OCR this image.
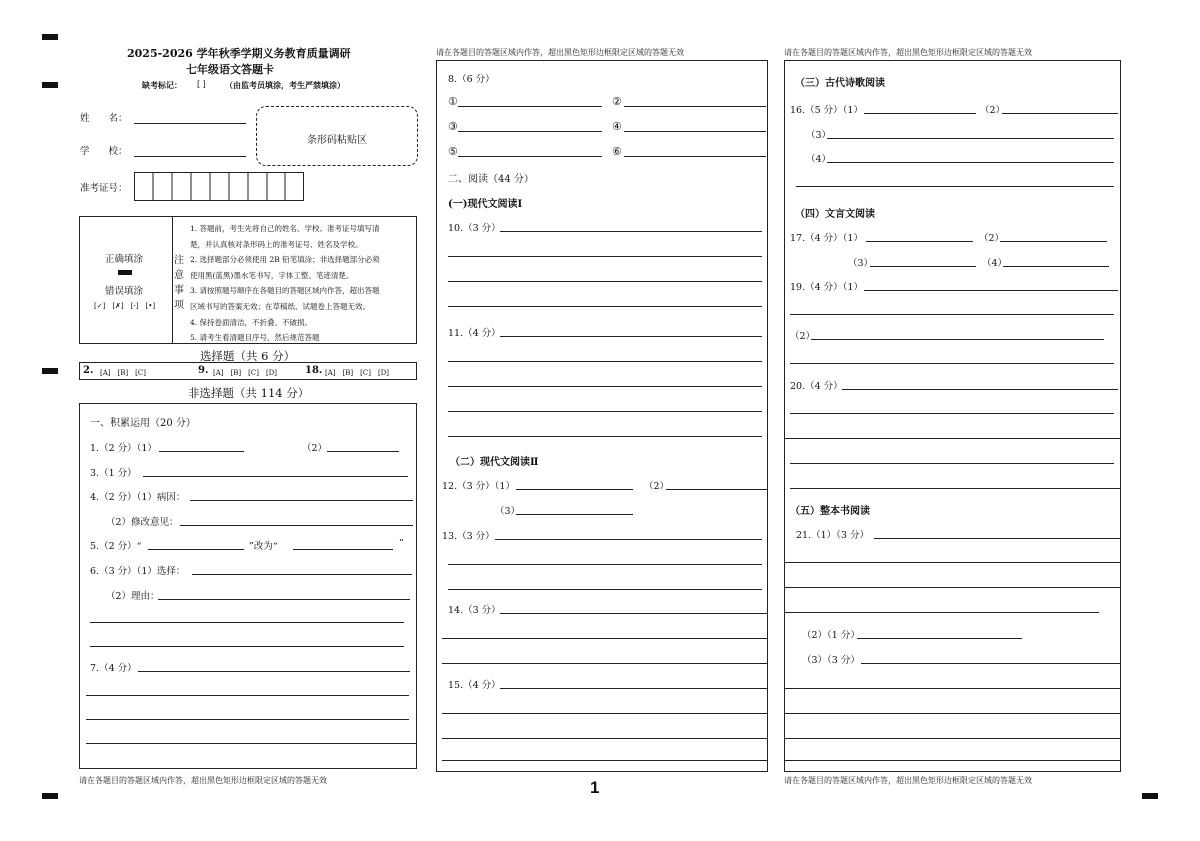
2025-2026 学年秋季学期义务教育质量调研
七年级语文答题卡
缺考标记： [ ] （由监考员填涂，考生严禁填涂）
姓　　名：
学　　校：
准考证号：
条形码粘贴区
正确填涂
错误填涂
[✓]　[✗]　[-]　[•]
注
意
事
项
1. 答题前，考生先将自己的姓名、学校、准考证号填写清
楚，并认真核对条形码上的准考证号、姓名及学校。
2. 选择题部分必须使用 2B 铅笔填涂；非选择题部分必须
使用黑(蓝黑)墨水笔书写，字体工整、笔迹清楚。
3. 请按照题号顺序在各题目的答题区域内作答，超出答题
区域书写的答案无效；在草稿纸、试题卷上答题无效。
4. 保持卷面清洁，不折叠、不破损。
5. 请考生看清题目序号，然后规范答题
选择题（共 6 分）
2. [A]　[B]　[C]	9. [A]　[B]　[C]　[D]	18. [A]　[B]　[C]　[D]
非选择题（共 114 分）
一、积累运用（20 分）
1.（2 分）（1）	（2）
3.（1 分）
4.（2 分）（1）病因：
（2）修改意见：
5.（2 分）“	”改为“	”
6.（3 分）（1）选择：
（2）理由：
7.（4 分）
请在各题目的答题区域内作答，超出黑色矩形边框限定区域的答题无效
请在各题目的答题区域内作答，超出黑色矩形边框限定区域的答题无效
8.（6 分）
①	②
③	④
⑤	⑥
二、阅读（44 分）
(一)现代文阅读Ⅰ
10.（3 分）
11.（4 分）
（二）现代文阅读Ⅱ
12.（3 分）（1）	（2）
（3）
13.（3 分）
14.（3 分）
15.（4 分）
1
请在各题目的答题区域内作答，超出黑色矩形边框限定区域的答题无效
（三）古代诗歌阅读
16.（5 分）（1）	（2）
（3）
（4）
（四）文言文阅读
17.（4 分）（1）	（2）
（3）	（4）
19.（4 分）（1）
（2）
20.（4 分）
（五）整本书阅读
21.（1）（3 分）
（2）（1 分）
（3）（3 分）
请在各题目的答题区域内作答，超出黑色矩形边框限定区域的答题无效
